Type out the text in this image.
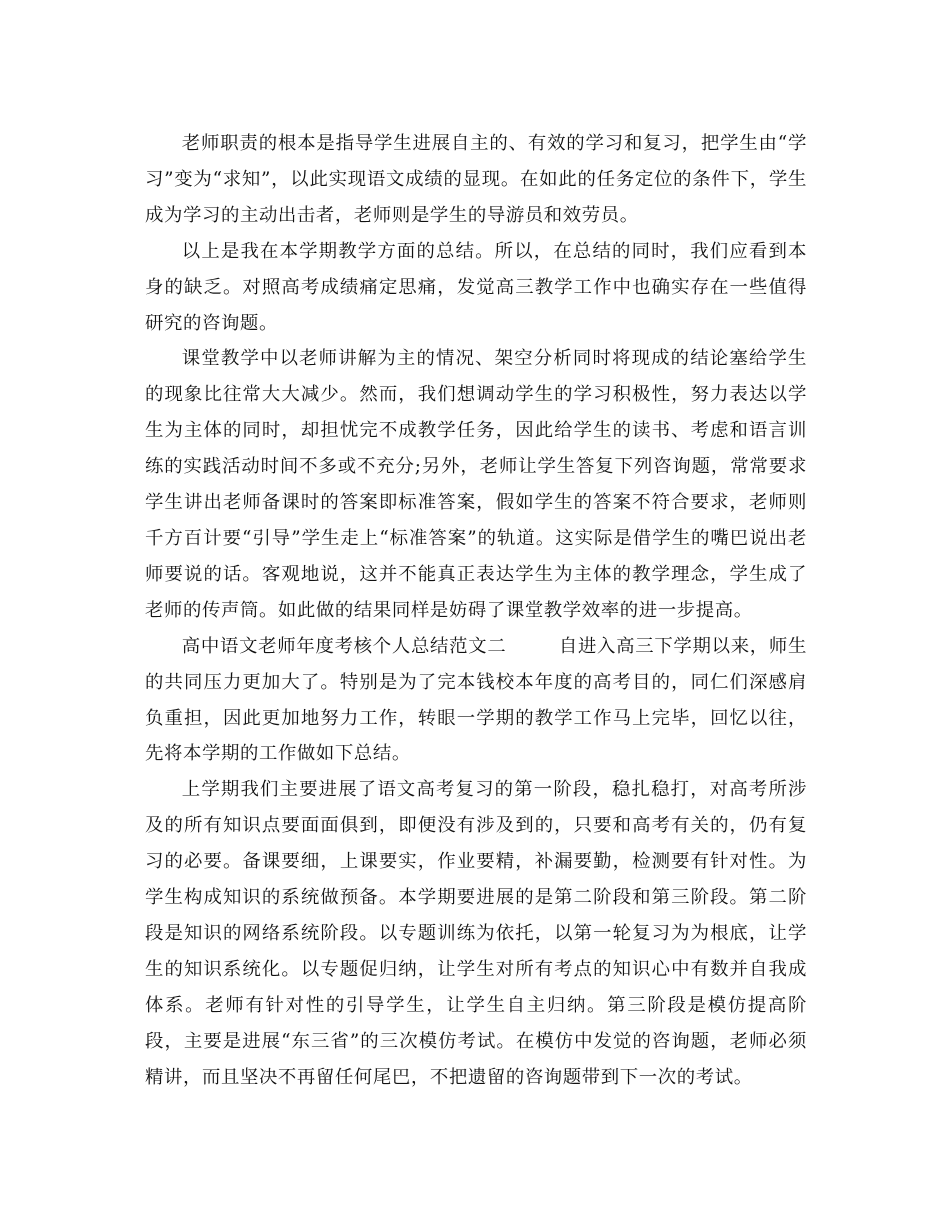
老师职责的根本是指导学生进展自主的、有效的学习和复习，把学生由“学习”变为“求知”，以此实现语文成绩的显现。在如此的任务定位的条件下，学生成为学习的主动出击者，老师则是学生的导游员和效劳员。

以上是我在本学期教学方面的总结。所以，在总结的同时，我们应看到本身的缺乏。对照高考成绩痛定思痛，发觉高三教学工作中也确实存在一些值得研究的咨询题。

课堂教学中以老师讲解为主的情况、架空分析同时将现成的结论塞给学生的现象比往常大大减少。然而，我们想调动学生的学习积极性，努力表达以学生为主体的同时，却担忧完不成教学任务，因此给学生的读书、考虑和语言训练的实践活动时间不多或不充分;另外，老师让学生答复下列咨询题，常常要求学生讲出老师备课时的答案即标准答案，假如学生的答案不符合要求，老师则千方百计要“引导”学生走上“标准答案”的轨道。这实际是借学生的嘴巴说出老师要说的话。客观地说，这并不能真正表达学生为主体的教学理念，学生成了老师的传声筒。如此做的结果同样是妨碍了课堂教学效率的进一步提高。

高中语文老师年度考核个人总结范文二        自进入高三下学期以来，师生的共同压力更加大了。特别是为了完本钱校本年度的高考目的，同仁们深感肩负重担，因此更加地努力工作，转眼一学期的教学工作马上完毕，回忆以往，先将本学期的工作做如下总结。

上学期我们主要进展了语文高考复习的第一阶段，稳扎稳打，对高考所涉及的所有知识点要面面俱到，即便没有涉及到的，只要和高考有关的，仍有复习的必要。备课要细，上课要实，作业要精，补漏要勤，检测要有针对性。为学生构成知识的系统做预备。本学期要进展的是第二阶段和第三阶段。第二阶段是知识的网络系统阶段。以专题训练为依托，以第一轮复习为为根底，让学生的知识系统化。以专题促归纳，让学生对所有考点的知识心中有数并自我成体系。老师有针对性的引导学生，让学生自主归纳。第三阶段是模仿提高阶段，主要是进展“东三省”的三次模仿考试。在模仿中发觉的咨询题，老师必须精讲，而且坚决不再留任何尾巴，不把遗留的咨询题带到下一次的考试。
